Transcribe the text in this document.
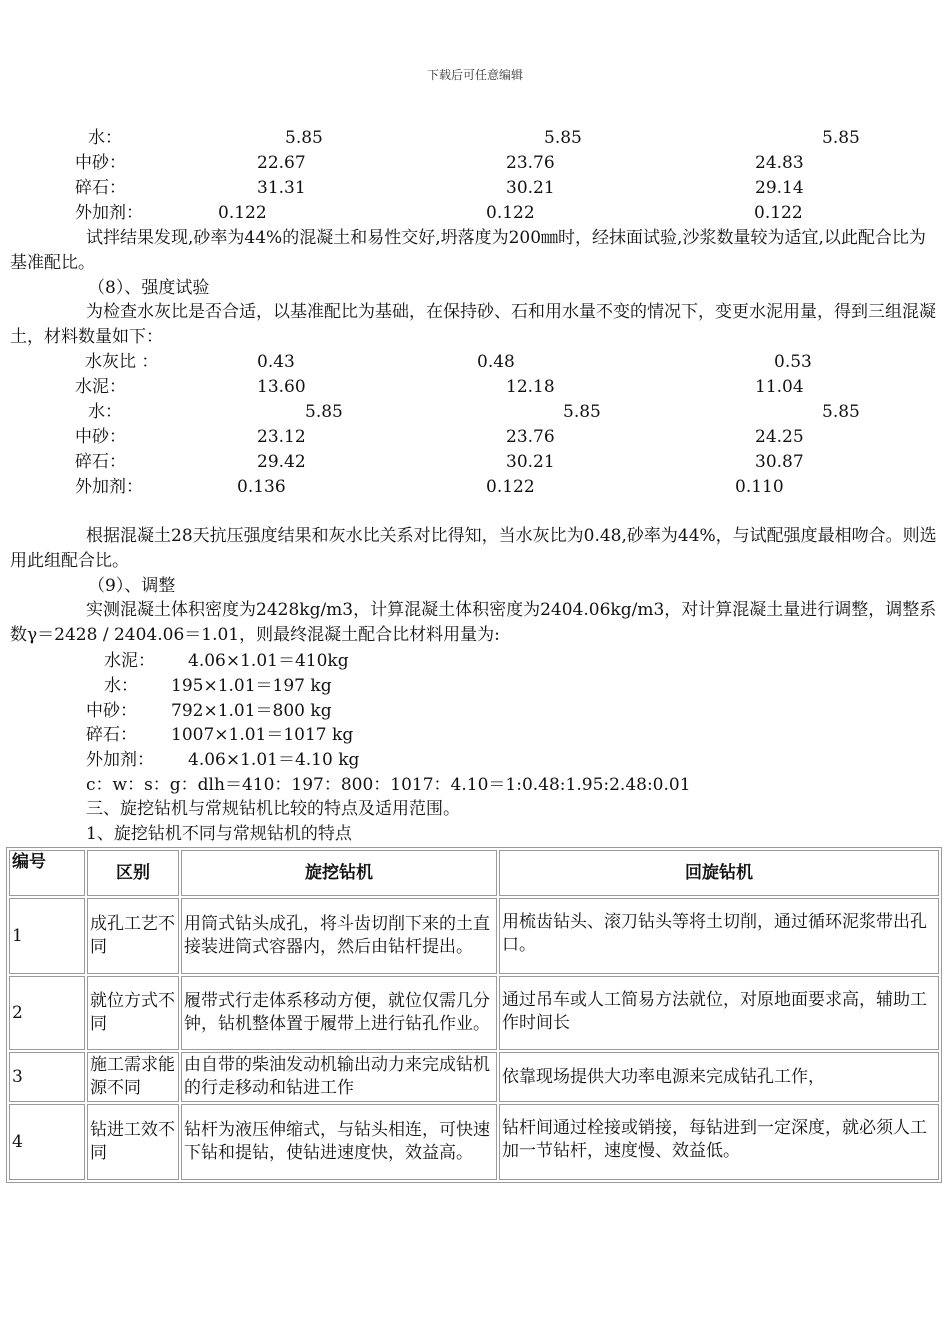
下载后可任意编辑
水：	5.85	5.85	5.85
中砂：	22.67	23.76	24.83
碎石：	31.31	30.21	29.14
外加剂：	0.122	0.122	0.122
试拌结果发现,砂率为44%的混凝土和易性交好,坍落度为200㎜时，经抹面试验,沙浆数量较为适宜,以此配合比为基准配比。
（8）、强度试验
为检查水灰比是否合适，以基准配比为基础，在保持砂、石和用水量不变的情况下，变更水泥用量，得到三组混凝土，材料数量如下：
水灰比 ：	0.43	0.48	0.53
水泥：	13.60	12.18	11.04
水：	5.85	5.85	5.85
中砂：	23.12	23.76	24.25
碎石：	29.42	30.21	30.87
外加剂：	0.136	0.122	0.110
根据混凝土28天抗压强度结果和灰水比关系对比得知，当水灰比为0.48,砂率为44%，与试配强度最相吻合。则选用此组配合比。
（9）、调整
实测混凝土体积密度为2428kg/m3，计算混凝土体积密度为2404.06kg/m3，对计算混凝土量进行调整，调整系数γ＝2428 / 2404.06＝1.01，则最终混凝土配合比材料用量为:
水泥： 4.06×1.01＝410kg
水： 195×1.01＝197 kg
中砂： 792×1.01＝800 kg
碎石： 1007×1.01＝1017 kg
外加剂： 4.06×1.01＝4.10 kg
c：w：s：g：dlh＝410：197：800：1017：4.10＝1:0.48:1.95:2.48:0.01
三、旋挖钻机与常规钻机比较的特点及适用范围。
1、旋挖钻机不同与常规钻机的特点
编号	区别	旋挖钻机	回旋钻机
1	成孔工艺不同	用筒式钻头成孔，将斗齿切削下来的土直接装进筒式容器内，然后由钻杆提出。	用梳齿钻头、滚刀钻头等将土切削，通过循环泥浆带出孔口。
2	就位方式不同	履带式行走体系移动方便，就位仅需几分钟，钻机整体置于履带上进行钻孔作业。	通过吊车或人工简易方法就位，对原地面要求高，辅助工作时间长
3	施工需求能源不同	由自带的柴油发动机输出动力来完成钻机的行走移动和钻进工作	依靠现场提供大功率电源来完成钻孔工作，
4	钻进工效不同	钻杆为液压伸缩式，与钻头相连，可快速下钻和提钻，使钻进速度快，效益高。	钻杆间通过栓接或销接，每钻进到一定深度，就必须人工加一节钻杆，速度慢、效益低。
